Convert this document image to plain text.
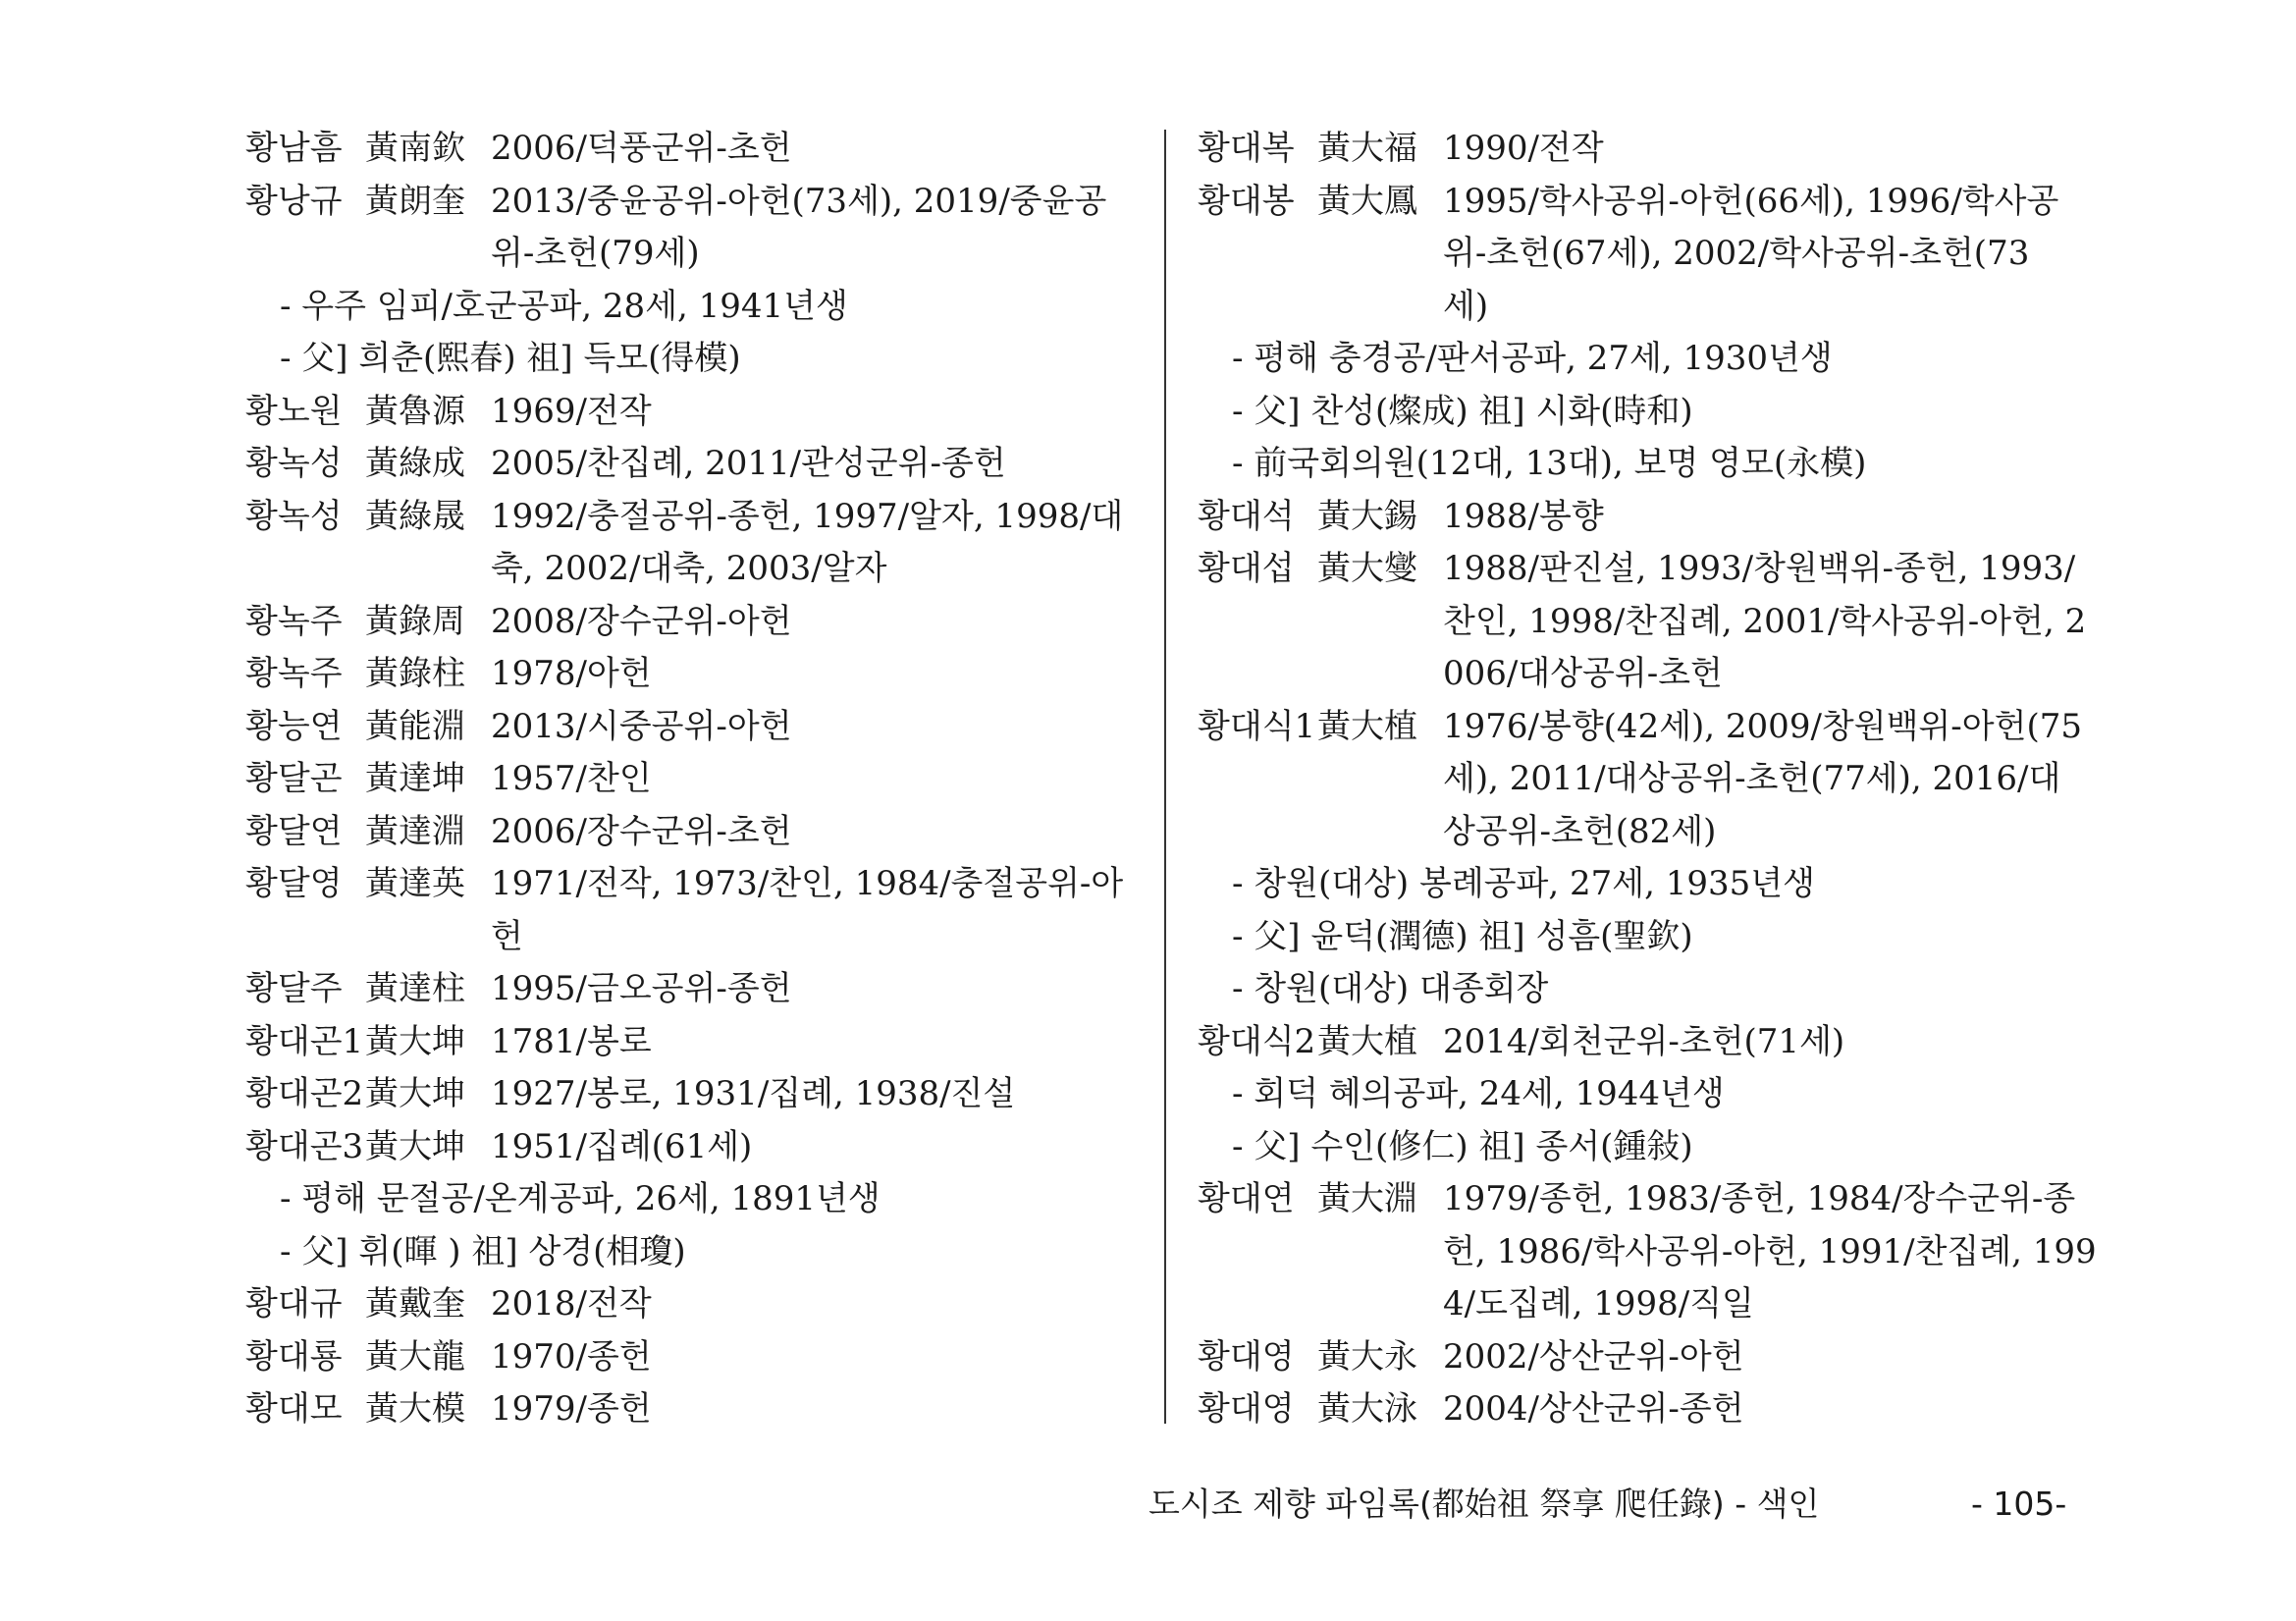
황남흠 黃南欽 2006/덕풍군위-초헌
황낭규 黃朗奎 2013/중윤공위-아헌(73세), 2019/중윤공
위-초헌(79세)
- 우주 임피/호군공파, 28세, 1941년생
- 父] 희춘(熙春) 祖] 득모(得模)
황노원 黃魯源 1969/전작
황녹성 黃綠成 2005/찬집례, 2011/관성군위-종헌
황녹성 黃綠晟 1992/충절공위-종헌, 1997/알자, 1998/대
축, 2002/대축, 2003/알자
황녹주 黃錄周 2008/장수군위-아헌
황녹주 黃錄柱 1978/아헌
황능연 黃能淵 2013/시중공위-아헌
황달곤 黃達坤 1957/찬인
황달연 黃達淵 2006/장수군위-초헌
황달영 黃達英 1971/전작, 1973/찬인, 1984/충절공위-아
헌
황달주 黃達柱 1995/금오공위-종헌
황대곤1 黃大坤 1781/봉로
황대곤2 黃大坤 1927/봉로, 1931/집례, 1938/진설
황대곤3 黃大坤 1951/집례(61세)
- 평해 문절공/온계공파, 26세, 1891년생
- 父] 휘(暉 ) 祖] 상경(相瓊)
황대규 黃戴奎 2018/전작
황대룡 黃大龍 1970/종헌
황대모 黃大模 1979/종헌
황대복 黃大福 1990/전작
황대봉 黃大鳳 1995/학사공위-아헌(66세), 1996/학사공
위-초헌(67세), 2002/학사공위-초헌(73
세)
- 평해 충경공/판서공파, 27세, 1930년생
- 父] 찬성(燦成) 祖] 시화(時和)
- 前국회의원(12대, 13대), 보명 영모(永模)
황대석 黃大錫 1988/봉향
황대섭 黃大燮 1988/판진설, 1993/창원백위-종헌, 1993/
찬인, 1998/찬집례, 2001/학사공위-아헌, 2
006/대상공위-초헌
황대식1 黃大植 1976/봉향(42세), 2009/창원백위-아헌(75
세), 2011/대상공위-초헌(77세), 2016/대
상공위-초헌(82세)
- 창원(대상) 봉례공파, 27세, 1935년생
- 父] 윤덕(潤德) 祖] 성흠(聖欽)
- 창원(대상) 대종회장
황대식2 黃大植 2014/회천군위-초헌(71세)
- 회덕 혜의공파, 24세, 1944년생
- 父] 수인(修仁) 祖] 종서(鍾敍)
황대연 黃大淵 1979/종헌, 1983/종헌, 1984/장수군위-종
헌, 1986/학사공위-아헌, 1991/찬집례, 199
4/도집례, 1998/직일
황대영 黃大永 2002/상산군위-아헌
황대영 黃大泳 2004/상산군위-종헌
도시조 제향 파임록(都始祖 祭享 爬任錄) - 색인	- 105-
